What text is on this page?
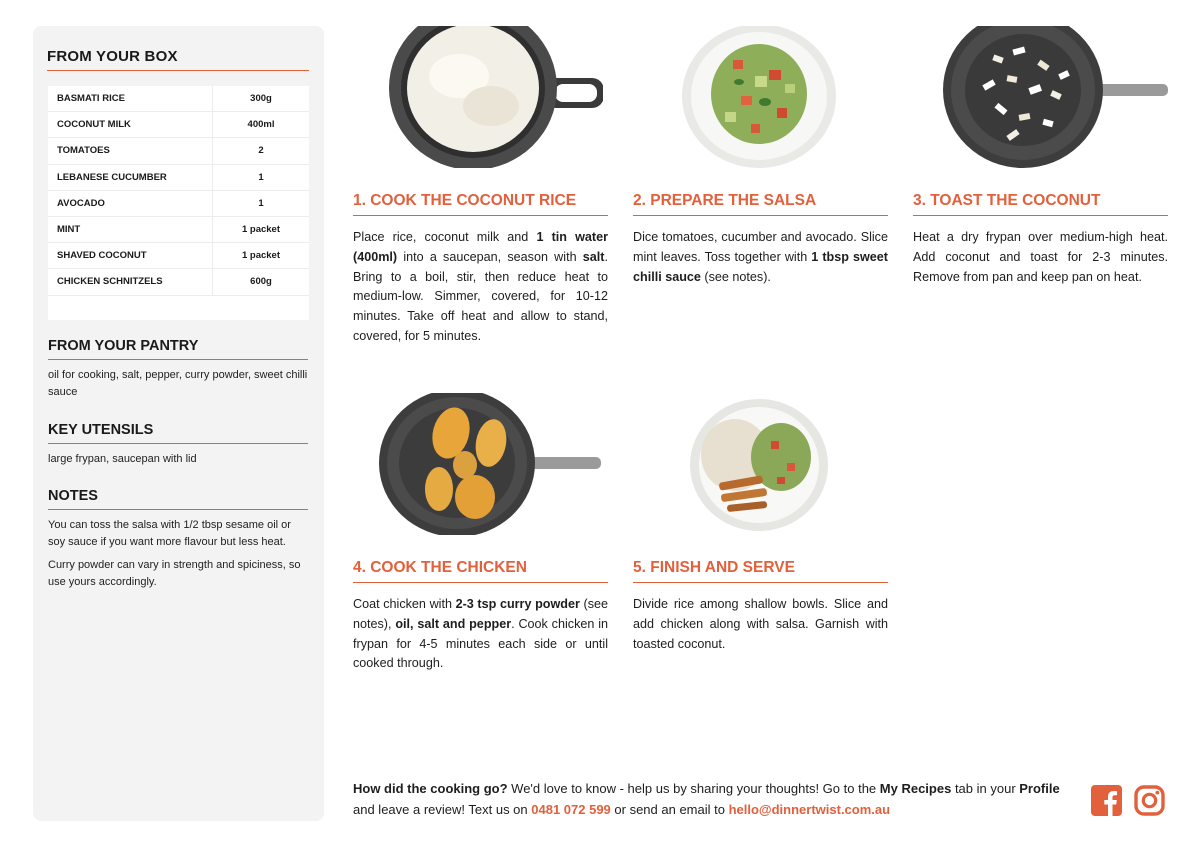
FROM YOUR BOX
BASMATI RICE	300g
COCONUT MILK	400ml
TOMATOES	2
LEBANESE CUCUMBER	1
AVOCADO	1
MINT	1 packet
SHAVED COCONUT	1 packet
CHICKEN SCHNITZELS	600g
FROM YOUR PANTRY
oil for cooking, salt, pepper, curry powder, sweet chilli sauce
KEY UTENSILS
large frypan, saucepan with lid
NOTES
You can toss the salsa with 1/2 tbsp sesame oil or soy sauce if you want more flavour but less heat.
Curry powder can vary in strength and spiciness, so use yours accordingly.
1. COOK THE COCONUT RICE
Place rice, coconut milk and 1 tin water (400ml) into a saucepan, season with salt. Bring to a boil, stir, then reduce heat to medium-low. Simmer, covered, for 10-12 minutes. Take off heat and allow to stand, covered, for 5 minutes.
2. PREPARE THE SALSA
Dice tomatoes, cucumber and avocado. Slice mint leaves. Toss together with 1 tbsp sweet chilli sauce (see notes).
3. TOAST THE COCONUT
Heat a dry frypan over medium-high heat. Add coconut and toast for 2-3 minutes. Remove from pan and keep pan on heat.
4. COOK THE CHICKEN
Coat chicken with 2-3 tsp curry powder (see notes), oil, salt and pepper. Cook chicken in frypan for 4-5 minutes each side or until cooked through.
5. FINISH AND SERVE
Divide rice among shallow bowls. Slice and add chicken along with salsa. Garnish with toasted coconut.
How did the cooking go? We'd love to know - help us by sharing your thoughts! Go to the My Recipes tab in your Profile and leave a review! Text us on 0481 072 599 or send an email to hello@dinnertwist.com.au
